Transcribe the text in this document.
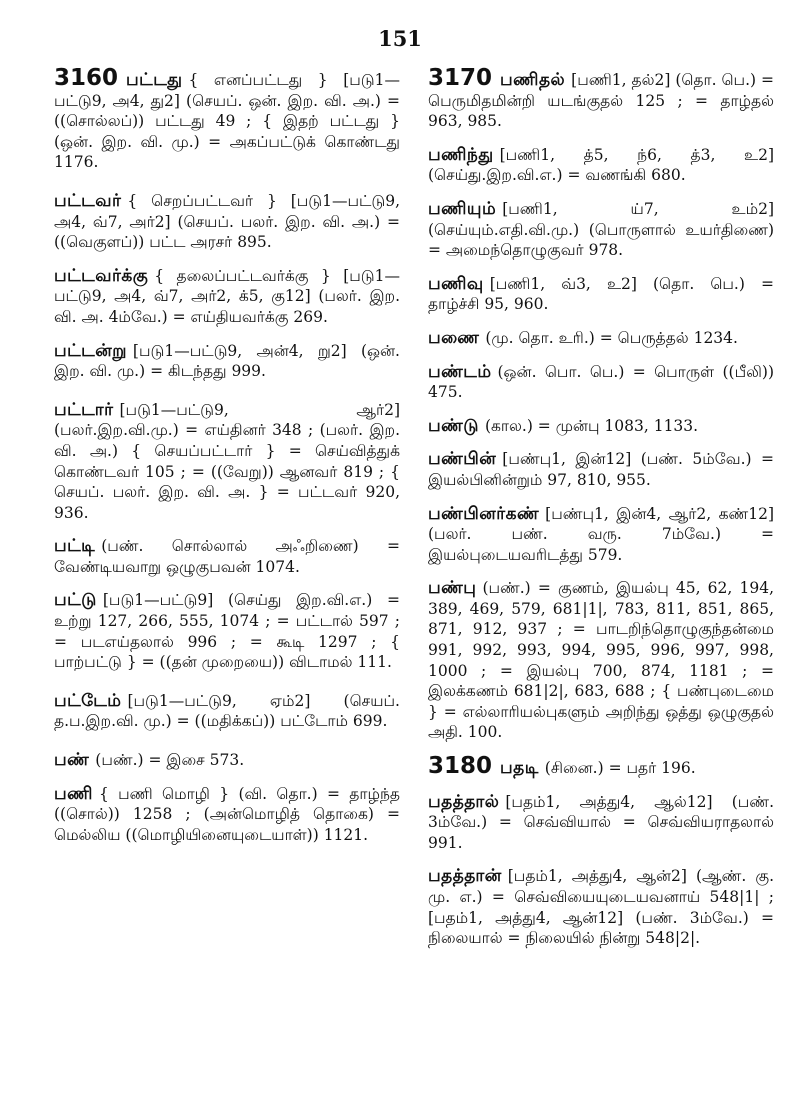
151
3160 பட்டது { எனப்பட்டது } [படு1—பட்டு9, அ4, து2] (செயப். ஒன். இற. வி. அ.) = ((சொல்லப்)) பட்டது 49 ; { இதற் பட்டது } (ஒன். இற. வி. மு.) = அகப்பட்டுக் கொண்டது 1176.
பட்டவர் { செறப்பட்டவர் } [படு1—பட்டு9, அ4, வ்7, அர்2] (செயப். பலர். இற. வி. அ.) = ((வெகுளப்)) பட்ட அரசர் 895.
பட்டவர்க்கு { தலைப்பட்டவர்க்கு } [படு1—பட்டு9, அ4, வ்7, அர்2, க்5, கு12] (பலர். இற. வி. அ. 4ம்வே.) = எய்தியவர்க்கு 269.
பட்டன்று [படு1—பட்டு9, அன்4, று2] (ஒன். இற. வி. மு.) = கிடந்தது 999.
பட்டார் [படு1—பட்டு9, ஆர்2] (பலர்.இற.வி.மு.) = எய்தினர் 348 ; (பலர். இற. வி. அ.) { செயப்பட்டார் } = செய்வித்துக் கொண்டவர் 105 ; = ((வேறு)) ஆனவர் 819 ; { செயப். பலர். இற. வி. அ. } = பட்டவர் 920, 936.
பட்டி (பண். சொல்லால் அஃறிணை) = வேண்டியவாறு ஒழுகுபவன் 1074.
பட்டு [படு1—பட்டு9] (செய்து இற.வி.எ.) = உற்று 127, 266, 555, 1074 ; = பட்டால் 597 ; = படஎய்தலால் 996 ; = கூடி 1297 ; { பாற்பட்டு } = ((தன் முறையை)) விடாமல் 111.
பட்டேம் [படு1—பட்டு9, ஏம்2] (செயப். த.ப.இற.வி. மு.) = ((மதிக்கப்)) பட்டோம் 699.
பண் (பண்.) = இசை 573.
பணி { பணி மொழி } (வி. தொ.) = தாழ்ந்த ((சொல்)) 1258 ; (அன்மொழித் தொகை) = மெல்லிய ((மொழியினையுடையாள்)) 1121.
3170 பணிதல் [பணி1, தல்2] (தொ. பெ.) = பெருமிதமின்றி யடங்குதல் 125 ; = தாழ்தல் 963, 985.
பணிந்து [பணி1, த்5, ந்6, த்3, உ2] (செய்து.இற.வி.எ.) = வணங்கி 680.
பணியும் [பணி1, ய்7, உம்2] (செய்யும்.எதி.வி.மு.) (பொருளால் உயர்திணை) = அமைந்தொழுகுவர் 978.
பணிவு [பணி1, வ்3, உ2] (தொ. பெ.) = தாழ்ச்சி 95, 960.
பணை (மு. தொ. உரி.) = பெருத்தல் 1234.
பண்டம் (ஒன். பொ. பெ.) = பொருள் ((பீலி)) 475.
பண்டு (கால.) = முன்பு 1083, 1133.
பண்பின் [பண்பு1, இன்12] (பண். 5ம்வே.) = இயல்பினின்றும் 97, 810, 955.
பண்பினர்கண் [பண்பு1, இன்4, ஆர்2, கண்12] (பலர். பண். வரு. 7ம்வே.) = இயல்புடையவரிடத்து 579.
பண்பு (பண்.) = குணம், இயல்பு 45, 62, 194, 389, 469, 579, 681|1|, 783, 811, 851, 865, 871, 912, 937 ; = பாடறிந்தொழுகுந்தன்மை 991, 992, 993, 994, 995, 996, 997, 998, 1000 ; = இயல்பு 700, 874, 1181 ; = இலக்கணம் 681|2|, 683, 688 ; { பண்புடைமை } = எல்லாரியல்புகளும் அறிந்து ஒத்து ஒழுகுதல் அதி. 100.
3180 பதடி (சினை.) = பதர் 196.
பதத்தால் [பதம்1, அத்து4, ஆல்12] (பண். 3ம்வே.) = செவ்வியால் = செவ்வியராதலால் 991.
பதத்தான் [பதம்1, அத்து4, ஆன்2] (ஆண். கு. மு. எ.) = செவ்வியையுடையவனாய் 548|1| ; [பதம்1, அத்து4, ஆன்12] (பண். 3ம்வே.) = நிலையால் = நிலையில் நின்று 548|2|.
